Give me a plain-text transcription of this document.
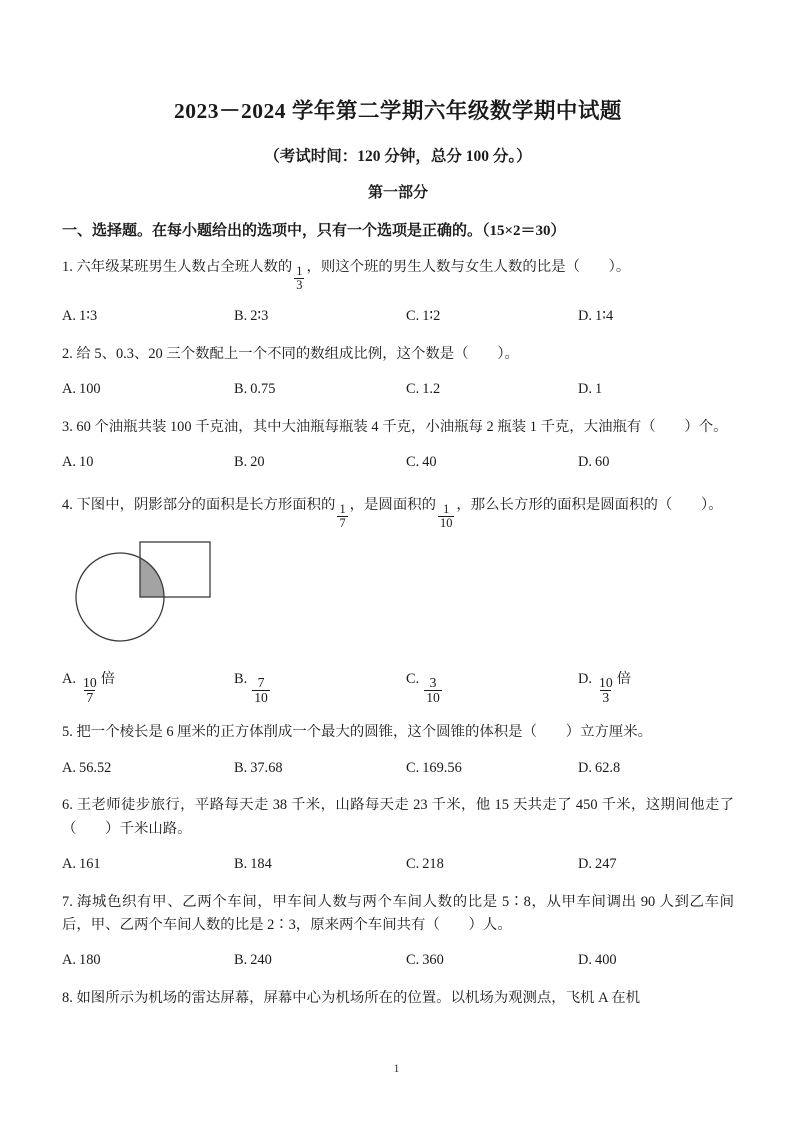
2023－2024 学年第二学期六年级数学期中试题

（考试时间：120 分钟，总分 100 分。）

第一部分

一、选择题。在每小题给出的选项中，只有一个选项是正确的。（15×2＝30）

1. 六年级某班男生人数占全班人数的 $\frac{1}{3}$ ，则这个班的男生人数与女生人数的比是（　　）。

A. 1∶3	B. 2∶3	C. 1∶2	D. 1∶4

2. 给 5、0.3、20 三个数配上一个不同的数组成比例，这个数是（　　）。

A. 100	B. 0.75	C. 1.2	D. 1

3. 60 个油瓶共装 100 千克油，其中大油瓶每瓶装 4 千克，小油瓶每 2 瓶装 1 千克，大油瓶有（　　）个。

A. 10	B. 20	C. 40	D. 60

4. 下图中，阴影部分的面积是长方形面积的 $\frac{1}{7}$ ，是圆面积的 $\frac{1}{10}$ ，那么长方形的面积是圆面积的（　　）。

A. $\frac{10}{7}$ 倍	B. $\frac{7}{10}$	C. $\frac{3}{10}$	D. $\frac{10}{3}$ 倍

5. 把一个棱长是 6 厘米的正方体削成一个最大的圆锥，这个圆锥的体积是（　　）立方厘米。

A. 56.52	B. 37.68	C. 169.56	D. 62.8

6. 王老师徒步旅行，平路每天走 38 千米，山路每天走 23 千米，他 15 天共走了 450 千米，这期间他走了（　　）千米山路。

A. 161	B. 184	C. 218	D. 247

7. 海城色织有甲、乙两个车间，甲车间人数与两个车间人数的比是 5∶8，从甲车间调出 90 人到乙车间后，甲、乙两个车间人数的比是 2∶3，原来两个车间共有（　　）人。

A. 180	B. 240	C. 360	D. 400

8. 如图所示为机场的雷达屏幕，屏幕中心为机场所在的位置。以机场为观测点，飞机 A 在机

1
